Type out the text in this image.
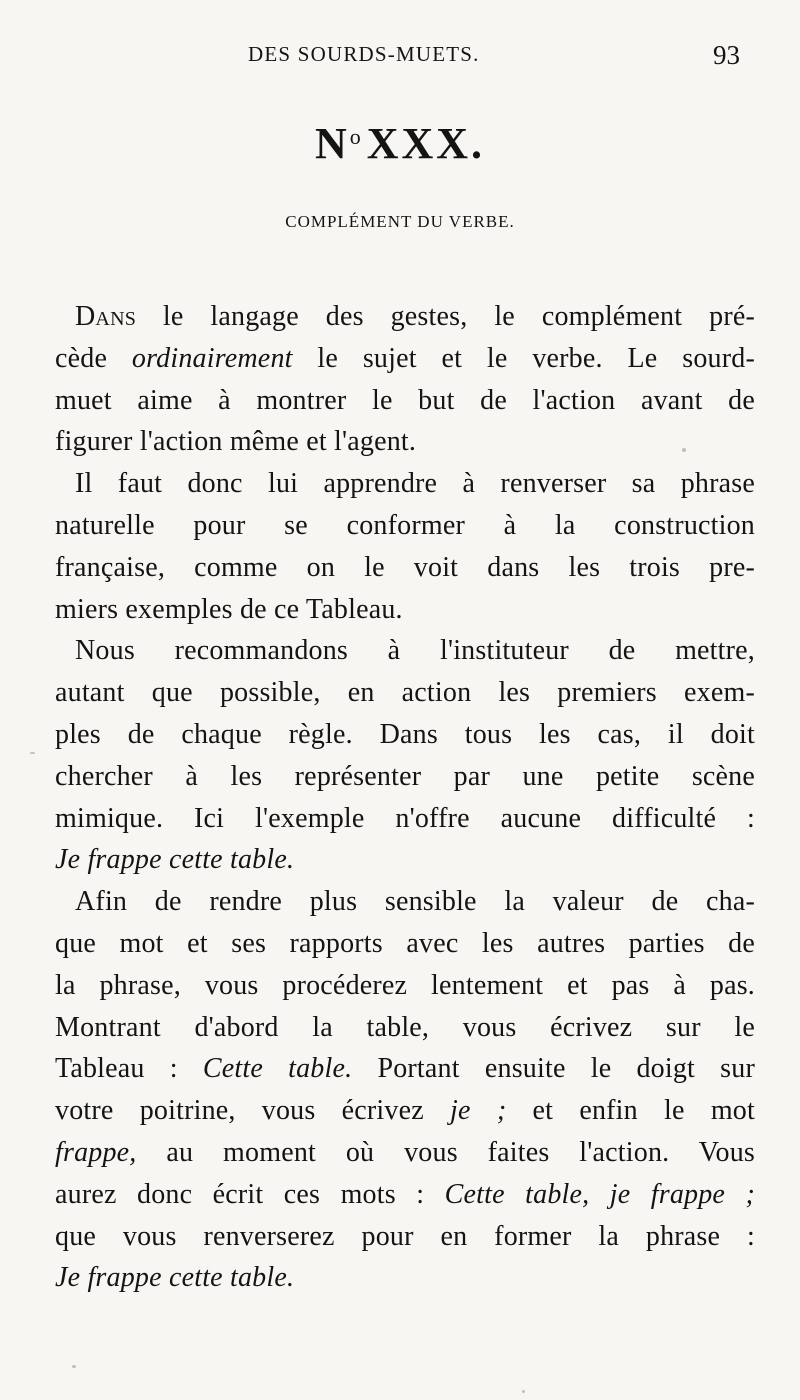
DES SOURDS-MUETS.	93
$N^o$ XXX.
COMPLÉMENT DU VERBE.
Dans le langage des gestes, le complément pré-
cède ordinairement le sujet et le verbe. Le sourd-
muet aime à montrer le but de l'action avant de
figurer l'action même et l'agent.
Il faut donc lui apprendre à renverser sa phrase
naturelle pour se conformer à la construction
française, comme on le voit dans les trois pre-
miers exemples de ce Tableau.
Nous recommandons à l'instituteur de mettre,
autant que possible, en action les premiers exem-
ples de chaque règle. Dans tous les cas, il doit
chercher à les représenter par une petite scène
mimique. Ici l'exemple n'offre aucune difficulté :
Je frappe cette table.
Afin de rendre plus sensible la valeur de cha-
que mot et ses rapports avec les autres parties de
la phrase, vous procéderez lentement et pas à pas.
Montrant d'abord la table, vous écrivez sur le
Tableau : Cette table. Portant ensuite le doigt sur
votre poitrine, vous écrivez je ; et enfin le mot
frappe, au moment où vous faites l'action. Vous
aurez donc écrit ces mots : Cette table, je frappe ;
que vous renverserez pour en former la phrase :
Je frappe cette table.
